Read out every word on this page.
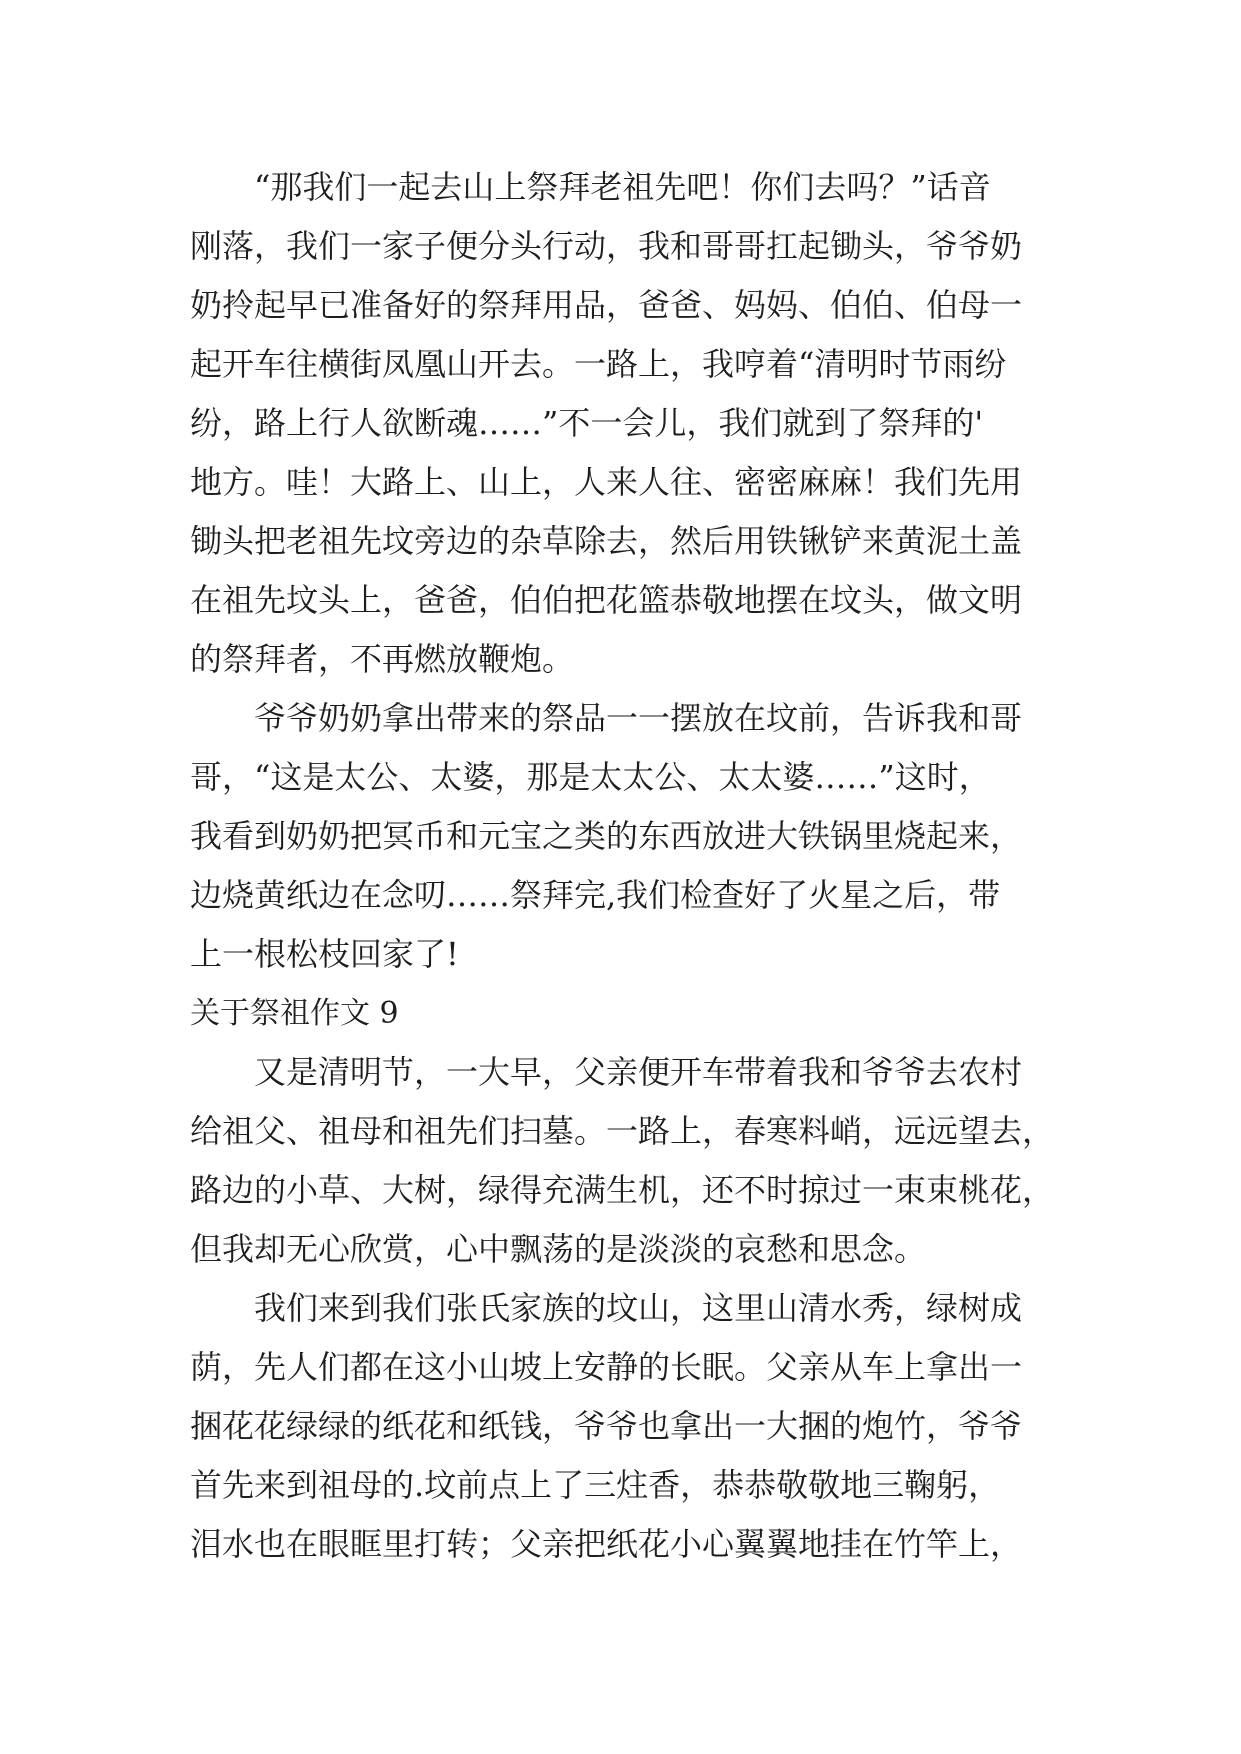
　　“那我们一起去山上祭拜老祖先吧！你们去吗？”话音
刚落，我们一家子便分头行动，我和哥哥扛起锄头，爷爷奶
奶拎起早已准备好的祭拜用品，爸爸、妈妈、伯伯、伯母一
起开车往横街凤凰山开去。一路上，我哼着“清明时节雨纷
纷，路上行人欲断魂……”不一会儿，我们就到了祭拜的'
地方。哇！大路上、山上，人来人往、密密麻麻！我们先用
锄头把老祖先坟旁边的杂草除去，然后用铁锹铲来黄泥土盖
在祖先坟头上，爸爸，伯伯把花篮恭敬地摆在坟头，做文明
的祭拜者，不再燃放鞭炮。
　　爷爷奶奶拿出带来的祭品一一摆放在坟前，告诉我和哥
哥，“这是太公、太婆，那是太太公、太太婆……”这时，
我看到奶奶把冥币和元宝之类的东西放进大铁锅里烧起来，
边烧黄纸边在念叨……祭拜完,我们检查好了火星之后，带
上一根松枝回家了!
关于祭祖作文 9
　　又是清明节，一大早，父亲便开车带着我和爷爷去农村
给祖父、祖母和祖先们扫墓。一路上，春寒料峭，远远望去，
路边的小草、大树，绿得充满生机，还不时掠过一束束桃花，
但我却无心欣赏，心中飘荡的是淡淡的哀愁和思念。
　　我们来到我们张氏家族的坟山，这里山清水秀，绿树成
荫，先人们都在这小山坡上安静的长眠。父亲从车上拿出一
捆花花绿绿的纸花和纸钱，爷爷也拿出一大捆的炮竹，爷爷
首先来到祖母的.坟前点上了三炷香，恭恭敬敬地三鞠躬，
泪水也在眼眶里打转；父亲把纸花小心翼翼地挂在竹竿上，
